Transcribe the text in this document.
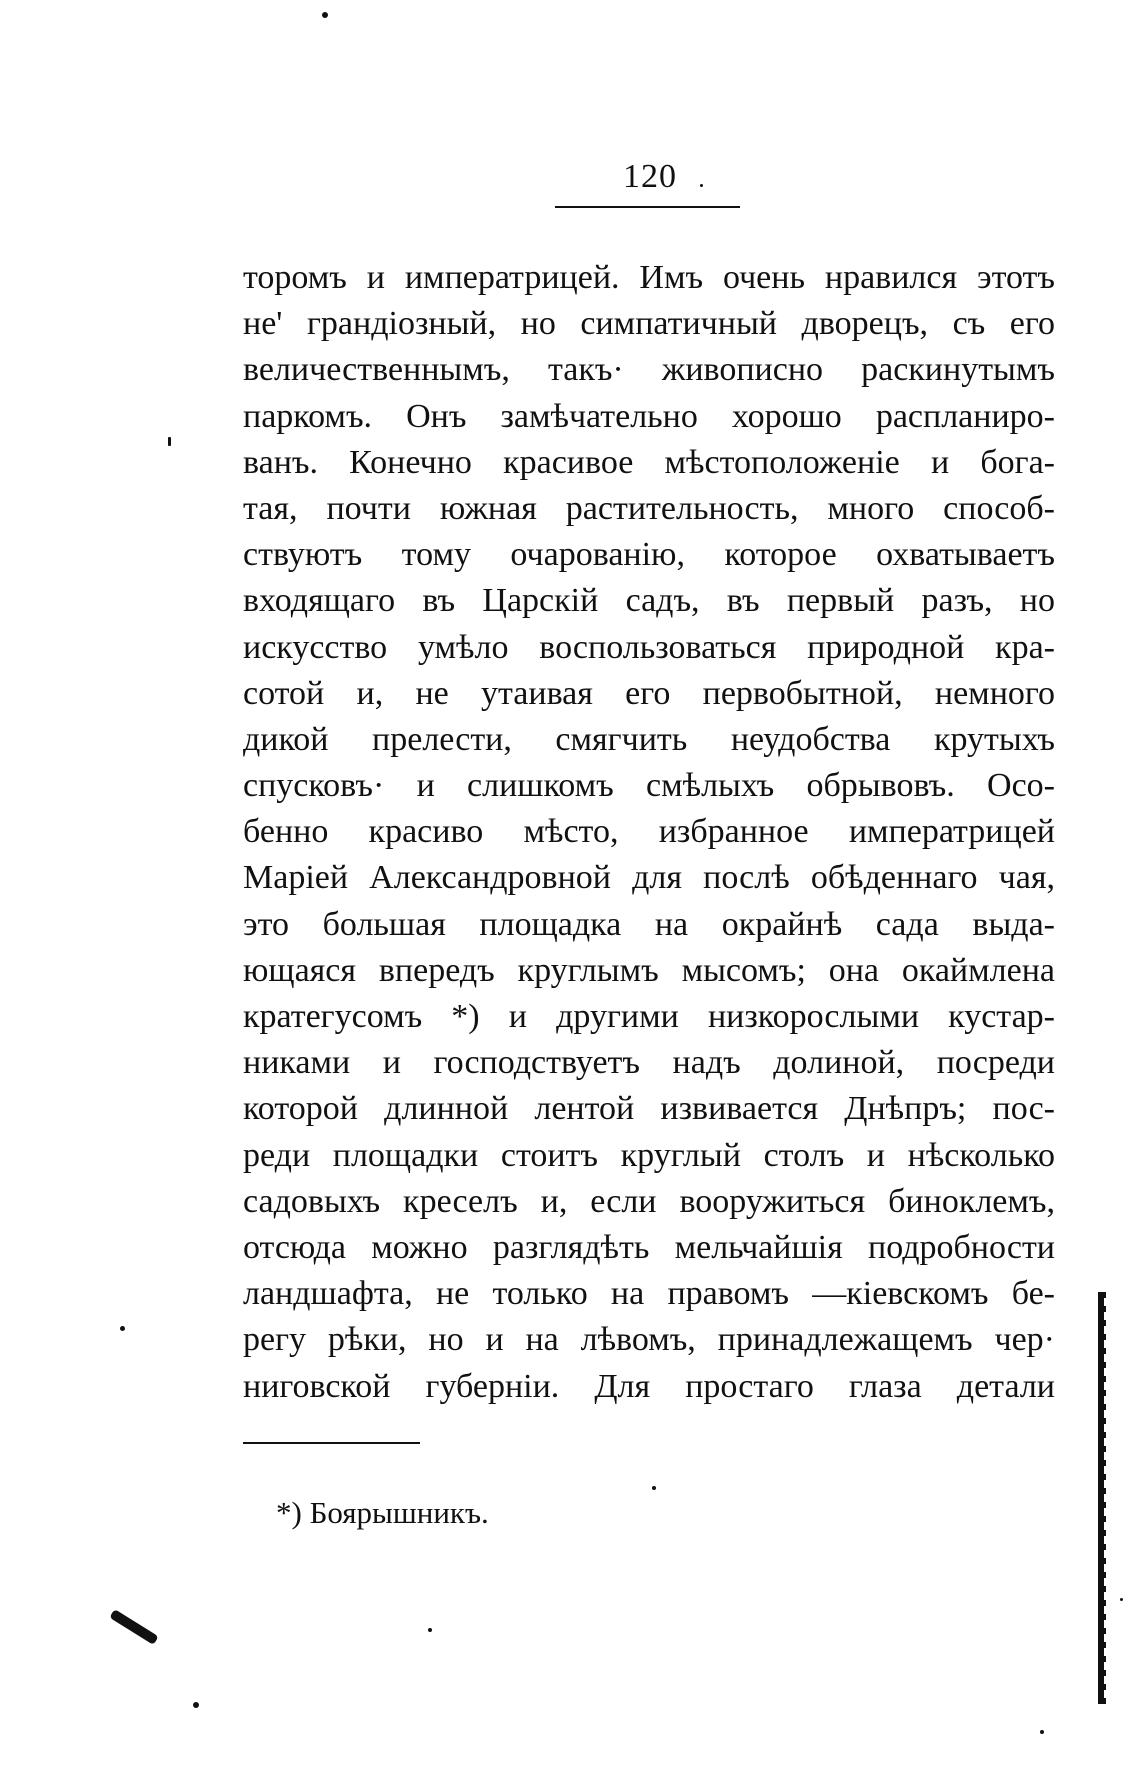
120
торомъ и императрицей. Имъ очень нравился этотъ
не' грандіозный, но симпатичный дворецъ, съ его
величественнымъ, такъ· живописно раскинутымъ
паркомъ. Онъ замѣчательно хорошо распланиро-
ванъ. Конечно красивое мѣстоположеніе и бога-
тая, почти южная растительность, много способ-
ствуютъ тому очарованію, которое охватываетъ
входящаго въ Царскій садъ, въ первый разъ, но
искусство умѣло воспользоваться природной кра-
сотой и, не утаивая его первобытной, немного
дикой прелести, смягчить неудобства крутыхъ
спусковъ· и слишкомъ смѣлыхъ обрывовъ. Осо-
бенно красиво мѣсто, избранное императрицей
Маріей Александровной для послѣ обѣденнаго чая,
это большая площадка на окрайнѣ сада выда-
ющаяся впередъ круглымъ мысомъ; она окаймлена
кратегусомъ *) и другими низкорослыми кустар-
никами и господствуетъ надъ долиной, посреди
которой длинной лентой извивается Днѣпръ; пос-
реди площадки стоитъ круглый столъ и нѣсколько
садовыхъ креселъ и, если вооружиться биноклемъ,
отсюда можно разглядѣть мельчайшія подробности
ландшафта, не только на правомъ —кіевскомъ бе-
регу рѣки, но и на лѣвомъ, принадлежащемъ чер·
ниговской губерніи. Для простаго глаза детали
*) Боярышникъ.
